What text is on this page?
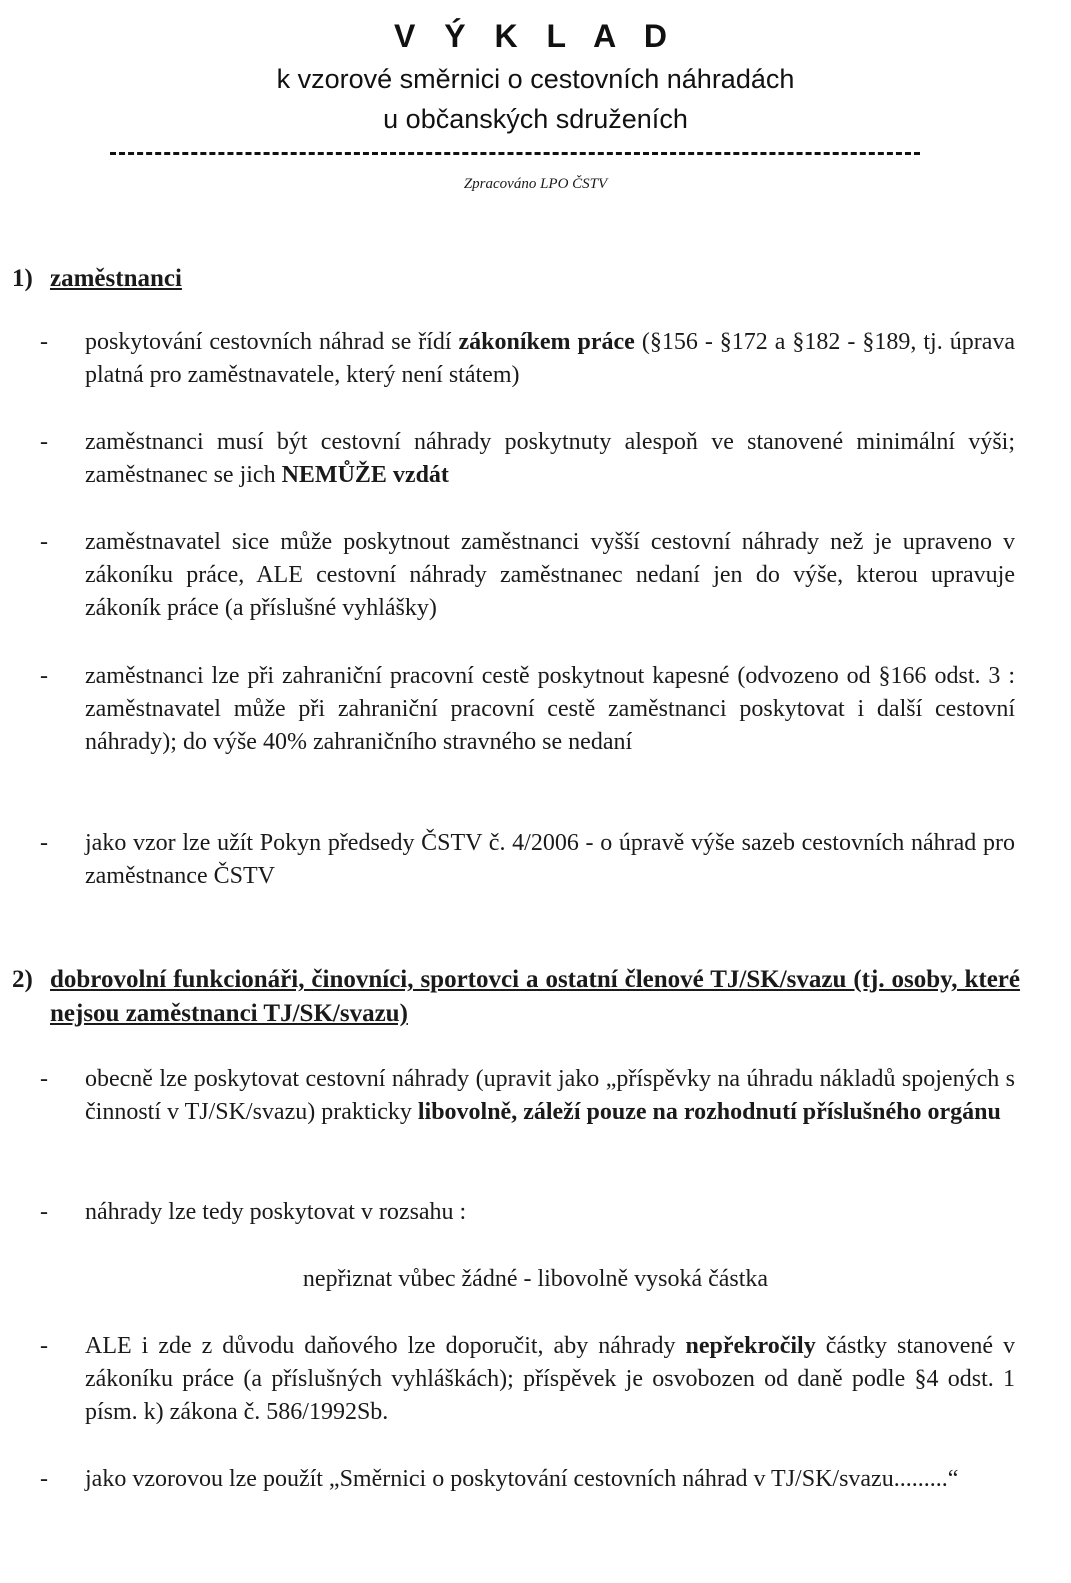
V Ý K L A D
k vzorové směrnici o cestovních náhradách
u občanských sdruženích
Zpracováno LPO ČSTV
1) zaměstnanci
- poskytování cestovních náhrad se řídí zákoníkem práce (§156 - §172 a §182 - §189, tj. úprava platná pro zaměstnavatele, který není státem)
- zaměstnanci musí být cestovní náhrady poskytnuty alespoň ve stanovené minimální výši; zaměstnanec se jich NEMŮŽE vzdát
- zaměstnavatel sice může poskytnout zaměstnanci vyšší cestovní náhrady než je upraveno v zákoníku práce, ALE cestovní náhrady zaměstnanec nedaní jen do výše, kterou upravuje zákoník práce (a příslušné vyhlášky)
- zaměstnanci lze při zahraniční pracovní cestě poskytnout kapesné (odvozeno od §166 odst. 3 : zaměstnavatel může při zahraniční pracovní cestě zaměstnanci poskytovat i další cestovní náhrady); do výše 40% zahraničního stravného se nedaní
- jako vzor lze užít Pokyn předsedy ČSTV č. 4/2006 - o úpravě výše sazeb cestovních náhrad pro zaměstnance ČSTV
2) dobrovolní funkcionáři, činovníci, sportovci a ostatní členové TJ/SK/svazu (tj. osoby, které nejsou zaměstnanci TJ/SK/svazu)
- obecně lze poskytovat cestovní náhrady (upravit jako „příspěvky na úhradu nákladů spojených s činností v TJ/SK/svazu) prakticky libovolně, záleží pouze na rozhodnutí příslušného orgánu
- náhrady lze tedy poskytovat v rozsahu :
nepřiznat vůbec žádné - libovolně vysoká částka
- ALE i zde z důvodu daňového lze doporučit, aby náhrady nepřekročily částky stanovené v zákoníku práce (a příslušných vyhláškách); příspěvek je osvobozen od daně podle §4 odst. 1 písm. k) zákona č. 586/1992Sb.
- jako vzorovou lze použít „Směrnici o poskytování cestovních náhrad v TJ/SK/svazu.........“
